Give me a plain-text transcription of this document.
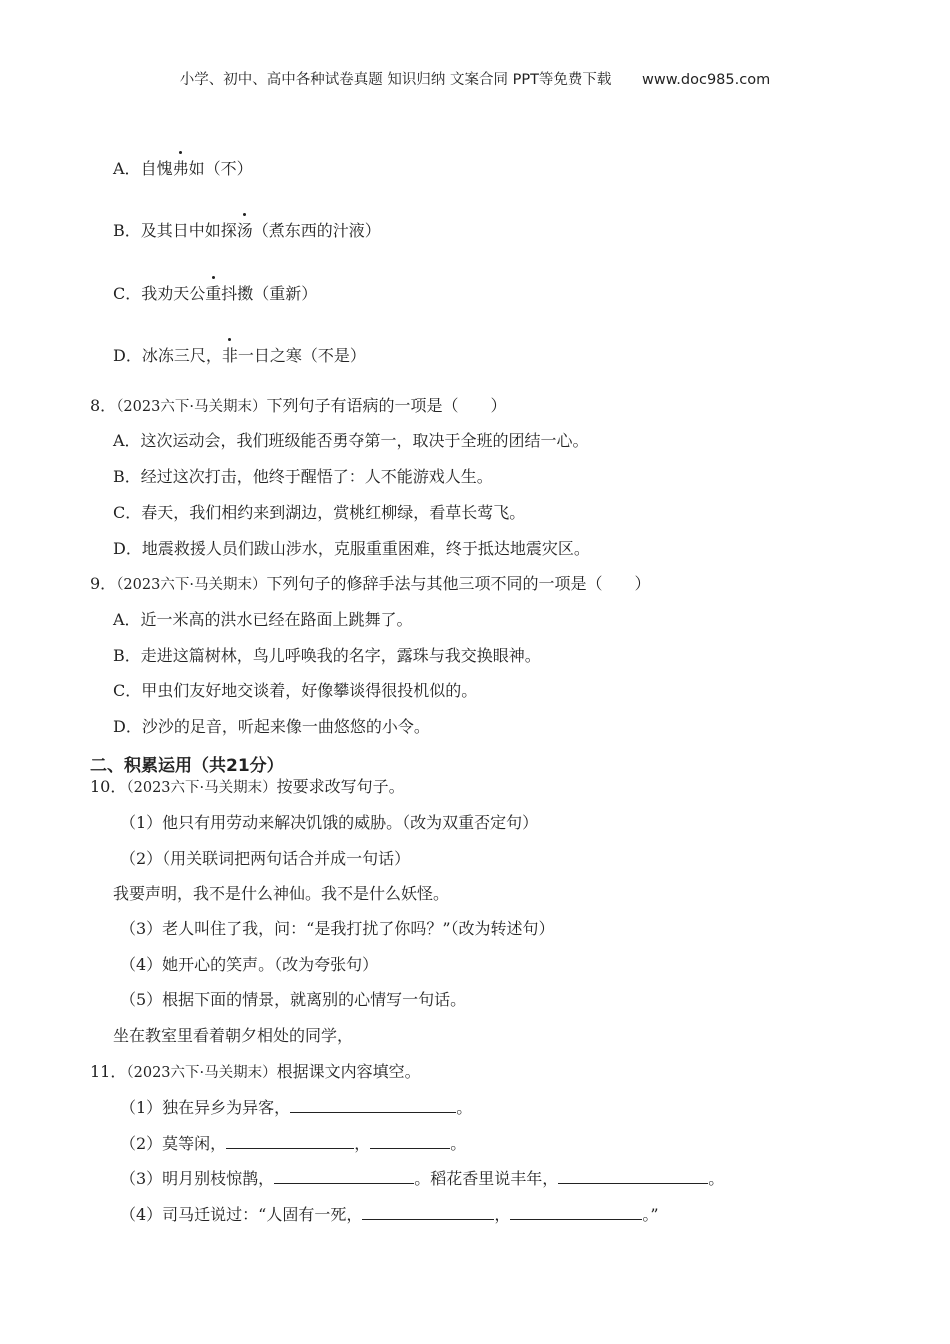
小学、初中、高中各种试卷真题 知识归纳 文案合同 PPT等免费下载 www.doc985.com
A．自愧弗如（不）
B．及其日中如探汤（煮东西的汁液）
C．我劝天公重抖擞（重新）
D．冰冻三尺，非一日之寒（不是）
8．（2023六下·马关期末）下列句子有语病的一项是（　　）
A．这次运动会，我们班级能否勇夺第一，取决于全班的团结一心。
B．经过这次打击，他终于醒悟了：人不能游戏人生。
C．春天，我们相约来到湖边，赏桃红柳绿，看草长莺飞。
D．地震救援人员们跋山涉水，克服重重困难，终于抵达地震灾区。
9．（2023六下·马关期末）下列句子的修辞手法与其他三项不同的一项是（　　）
A．近一米高的洪水已经在路面上跳舞了。
B．走进这篇树林，鸟儿呼唤我的名字，露珠与我交换眼神。
C．甲虫们友好地交谈着，好像攀谈得很投机似的。
D．沙沙的足音，听起来像一曲悠悠的小令。
二、积累运用（共21分）
10．（2023六下·马关期末）按要求改写句子。
（1）他只有用劳动来解决饥饿的威胁。（改为双重否定句）
（2）（用关联词把两句话合并成一句话）
我要声明，我不是什么神仙。我不是什么妖怪。
（3）老人叫住了我，问：“是我打扰了你吗？”（改为转述句）
（4）她开心的笑声。（改为夸张句）
（5）根据下面的情景，就离别的心情写一句话。
坐在教室里看着朝夕相处的同学，
11．（2023六下·马关期末）根据课文内容填空。
（1）独在异乡为异客，	。
（2）莫等闲，	，	。
（3）明月别枝惊鹊，	。稻花香里说丰年，	。
（4）司马迁说过：“人固有一死，	，	。”
